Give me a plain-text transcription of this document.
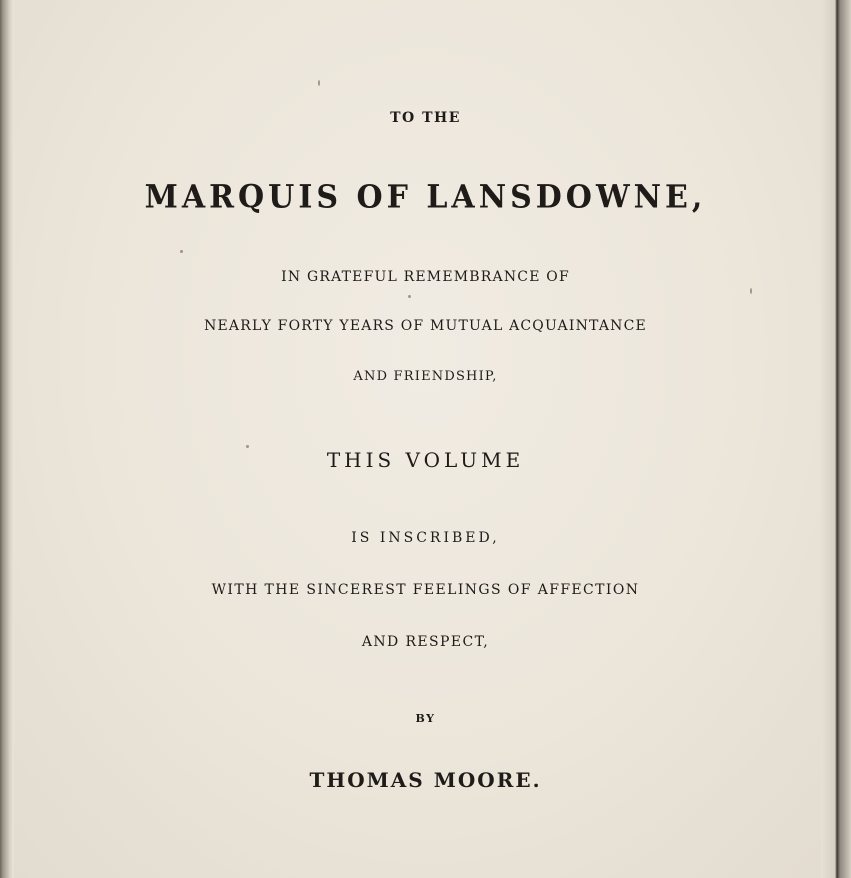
TO THE
MARQUIS OF LANSDOWNE,
IN GRATEFUL REMEMBRANCE OF
NEARLY FORTY YEARS OF MUTUAL ACQUAINTANCE
AND FRIENDSHIP,
THIS VOLUME
IS INSCRIBED,
WITH THE SINCEREST FEELINGS OF AFFECTION
AND RESPECT,
BY
THOMAS MOORE.
